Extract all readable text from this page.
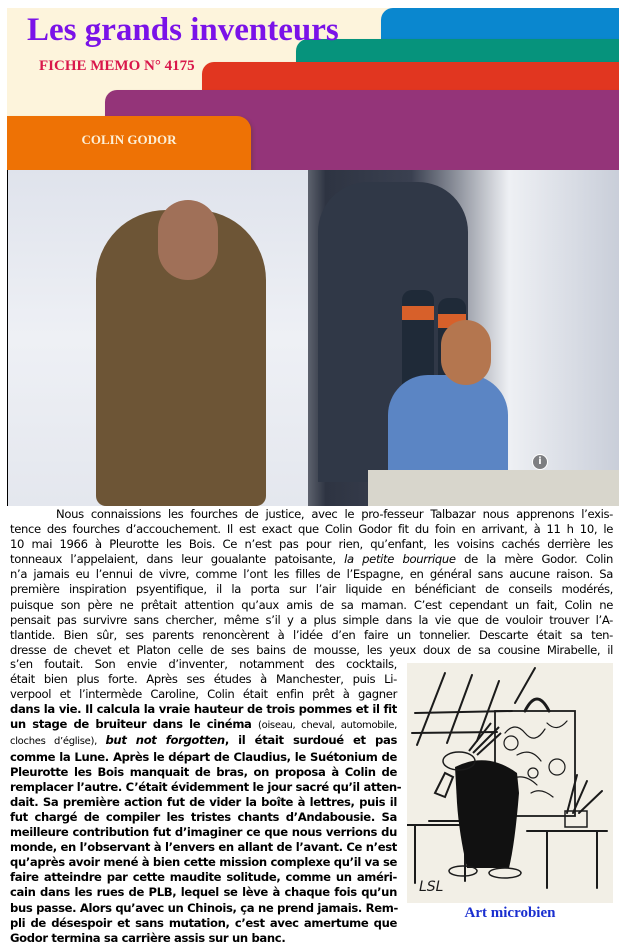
Les grands inventeurs
FICHE MEMO N° 4175
COLIN GODOR
i
Nous connaissions les fourches de justice, avec le pro-fesseur Talbazar nous apprenons l’exis-
tence des fourches d’accouchement. Il est exact que Colin Godor fit du foin en arrivant, à 11 h 10, le
10 mai 1966 à Pleurotte les Bois. Ce n’est pas pour rien, qu’enfant, les voisins cachés derrière les
tonneaux l’appelaient, dans leur goualante patoisante, la petite bourrique de la mère Godor. Colin
n’a jamais eu l’ennui de vivre, comme l’ont les filles de l’Espagne, en général sans aucune raison. Sa
première inspiration psyentifique, il la porta sur l’air liquide en bénéficiant de conseils modérés,
puisque son père ne prêtait attention qu’aux amis de sa maman. C’est cependant un fait, Colin ne
pensait pas survivre sans chercher, même s’il y a plus simple dans la vie que de vouloir trouver l’A-
tlantide. Bien sûr, ses parents renoncèrent à l’idée d’en faire un tonnelier. Descarte était sa ten-
dresse de chevet et Platon celle de ses bains de mousse, les yeux doux de sa cousine Mirabelle, il
s’en foutait. Son envie d’inventer, notamment des cocktails,
était bien plus forte. Après ses études à Manchester, puis Li-
verpool et l’intermède Caroline, Colin était enfin prêt à gagner
dans la vie. Il calcula la vraie hauteur de trois pommes et il fit
un stage de bruiteur dans le cinéma (oiseau, cheval, automobile,
cloches d’église), but not forgotten, il était surdoué et pas
comme la Lune. Après le départ de Claudius, le Suétonium de
Pleurotte les Bois manquait de bras, on proposa à Colin de
remplacer l’autre. C’était évidemment le jour sacré qu’il atten-
dait. Sa première action fut de vider la boîte à lettres, puis il
fut chargé de compiler les tristes chants d’Andabousie. Sa
meilleure contribution fut d’imaginer ce que nous verrions du
monde, en l’observant à l’envers en allant de l’avant. Ce n’est
qu’après avoir mené à bien cette mission complexe qu’il va se
faire atteindre par cette maudite solitude, comme un améri-
cain dans les rues de PLB, lequel se lève à chaque fois qu’un
bus passe. Alors qu’avec un Chinois, ça ne prend jamais. Rem-
pli de désespoir et sans mutation, c’est avec amertume que
Godor termina sa carrière assis sur un banc.
LSL
Art microbien
